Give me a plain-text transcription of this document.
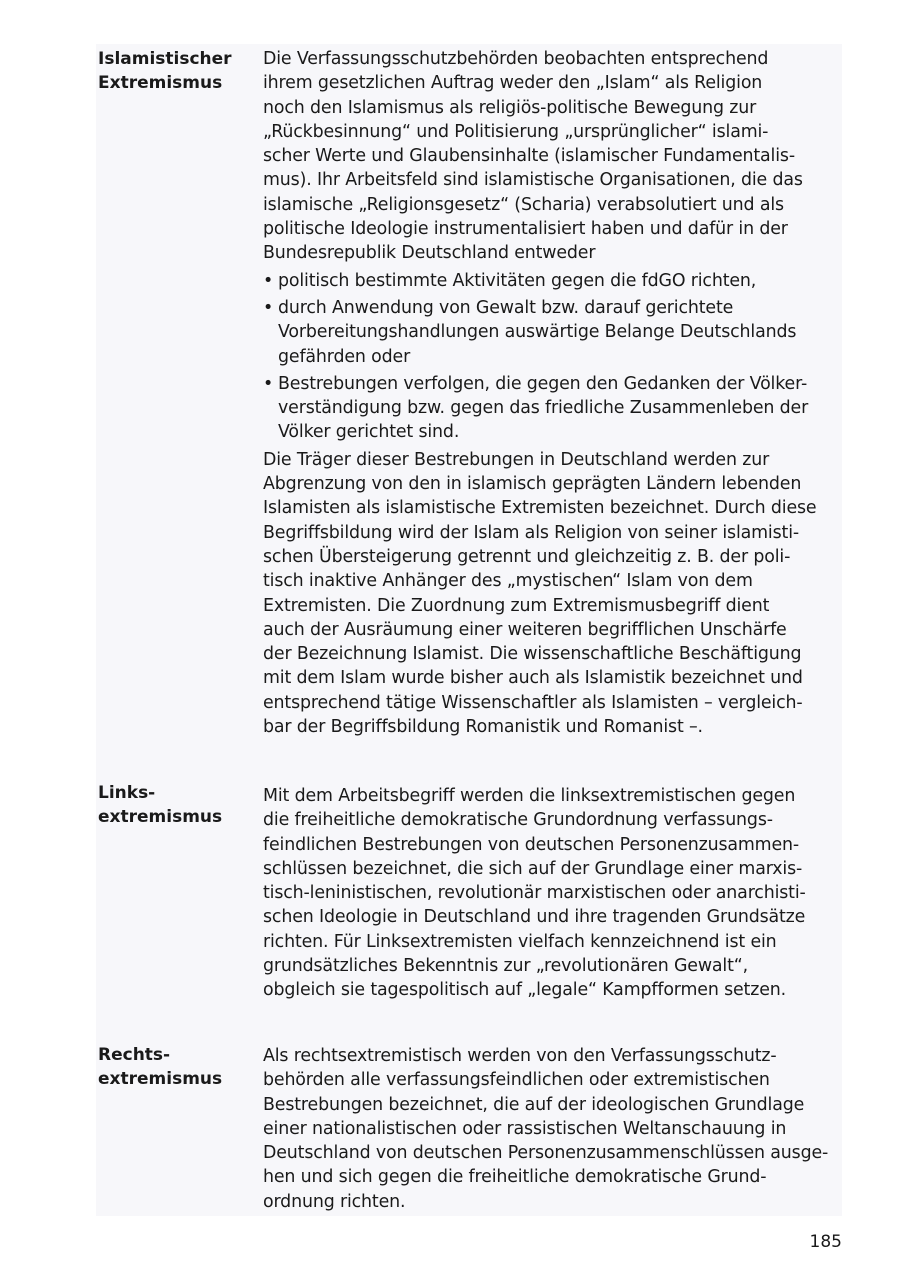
Islamistischer
Extremismus
Die Verfassungsschutzbehörden beobachten entsprechend
ihrem gesetzlichen Auftrag weder den „Islam“ als Religion
noch den Islamismus als religiös-politische Bewegung zur
„Rückbesinnung“ und Politisierung „ursprünglicher“ islami-
scher Werte und Glaubensinhalte (islamischer Fundamentalis-
mus). Ihr Arbeitsfeld sind islamistische Organisationen, die das
islamische „Religionsgesetz“ (Scharia) verabsolutiert und als
politische Ideologie instrumentalisiert haben und dafür in der
Bundesrepublik Deutschland entweder
• politisch bestimmte Aktivitäten gegen die fdGO richten,
• durch Anwendung von Gewalt bzw. darauf gerichtete
Vorbereitungshandlungen auswärtige Belange Deutschlands
gefährden oder
• Bestrebungen verfolgen, die gegen den Gedanken der Völker-
verständigung bzw. gegen das friedliche Zusammenleben der
Völker gerichtet sind.
Die Träger dieser Bestrebungen in Deutschland werden zur
Abgrenzung von den in islamisch geprägten Ländern lebenden
Islamisten als islamistische Extremisten bezeichnet. Durch diese
Begriffsbildung wird der Islam als Religion von seiner islamisti-
schen Übersteigerung getrennt und gleichzeitig z. B. der poli-
tisch inaktive Anhänger des „mystischen“ Islam von dem
Extremisten. Die Zuordnung zum Extremismusbegriff dient
auch der Ausräumung einer weiteren begrifflichen Unschärfe
der Bezeichnung Islamist. Die wissenschaftliche Beschäftigung
mit dem Islam wurde bisher auch als Islamistik bezeichnet und
entsprechend tätige Wissenschaftler als Islamisten – vergleich-
bar der Begriffsbildung Romanistik und Romanist –.
Links-
extremismus
Mit dem Arbeitsbegriff werden die linksextremistischen gegen
die freiheitliche demokratische Grundordnung verfassungs-
feindlichen Bestrebungen von deutschen Personenzusammen-
schlüssen bezeichnet, die sich auf der Grundlage einer marxis-
tisch-leninistischen, revolutionär marxistischen oder anarchisti-
schen Ideologie in Deutschland und ihre tragenden Grundsätze
richten. Für Linksextremisten vielfach kennzeichnend ist ein
grundsätzliches Bekenntnis zur „revolutionären Gewalt“,
obgleich sie tagespolitisch auf „legale“ Kampfformen setzen.
Rechts-
extremismus
Als rechtsextremistisch werden von den Verfassungsschutz-
behörden alle verfassungsfeindlichen oder extremistischen
Bestrebungen bezeichnet, die auf der ideologischen Grundlage
einer nationalistischen oder rassistischen Weltanschauung in
Deutschland von deutschen Personenzusammenschlüssen ausge-
hen und sich gegen die freiheitliche demokratische Grund-
ordnung richten.
185
